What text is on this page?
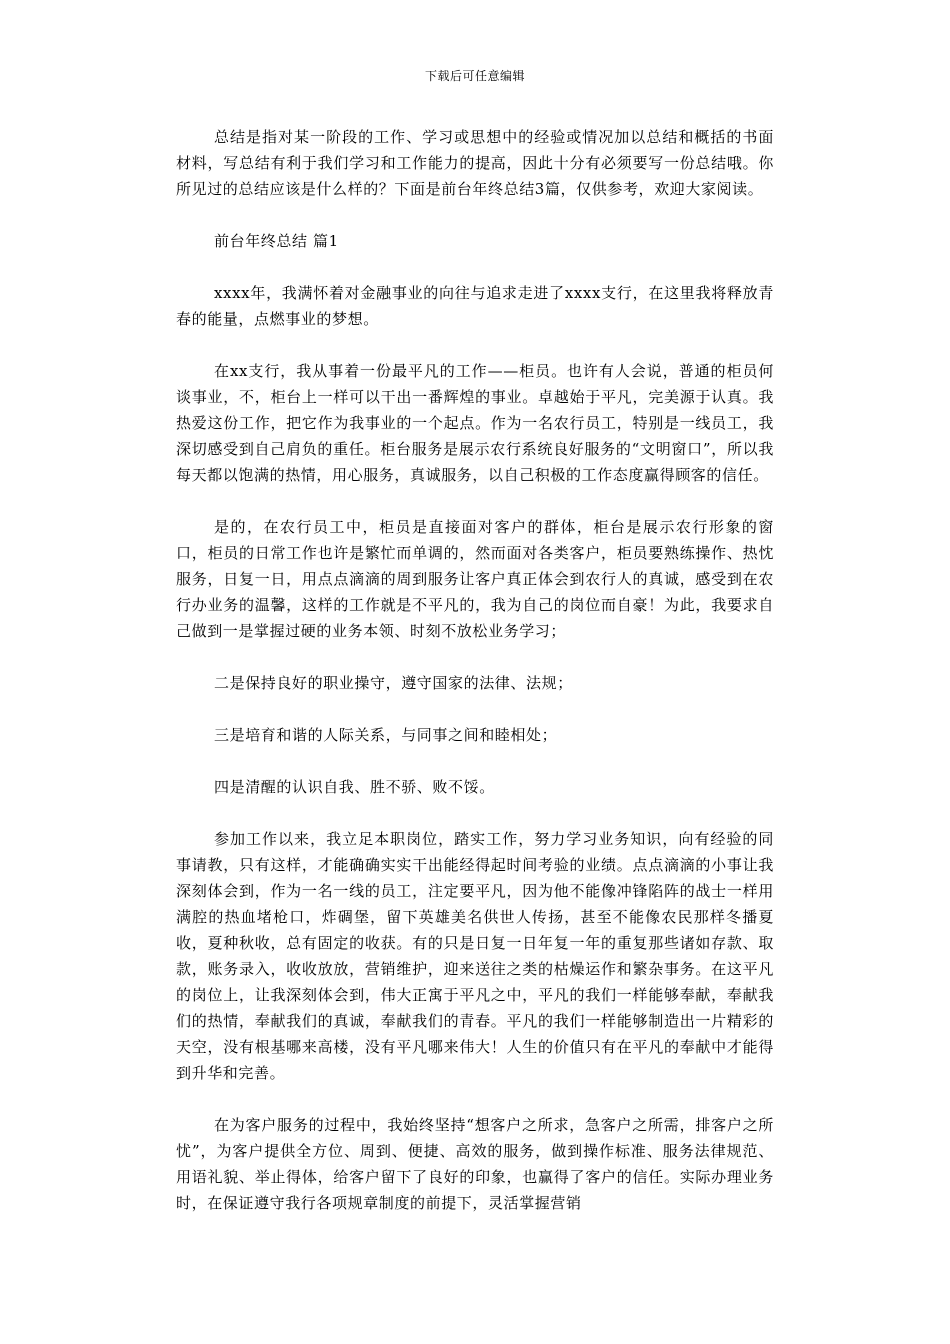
下载后可任意编辑

总结是指对某一阶段的工作、学习或思想中的经验或情况加以总结和概括的书面材料，写总结有利于我们学习和工作能力的提高，因此十分有必须要写一份总结哦。你所见过的总结应该是什么样的？下面是前台年终总结3篇，仅供参考，欢迎大家阅读。

前台年终总结 篇1

xxxx年，我满怀着对金融事业的向往与追求走进了xxxx支行，在这里我将释放青春的能量，点燃事业的梦想。

在xx支行，我从事着一份最平凡的工作——柜员。也许有人会说，普通的柜员何谈事业，不，柜台上一样可以干出一番辉煌的事业。卓越始于平凡，完美源于认真。我热爱这份工作，把它作为我事业的一个起点。作为一名农行员工，特别是一线员工，我深切感受到自己肩负的重任。柜台服务是展示农行系统良好服务的“文明窗口”，所以我每天都以饱满的热情，用心服务，真诚服务，以自己积极的工作态度赢得顾客的信任。

是的，在农行员工中，柜员是直接面对客户的群体，柜台是展示农行形象的窗口，柜员的日常工作也许是繁忙而单调的，然而面对各类客户，柜员要熟练操作、热忱服务，日复一日，用点点滴滴的周到服务让客户真正体会到农行人的真诚，感受到在农行办业务的温馨，这样的工作就是不平凡的，我为自己的岗位而自豪！为此，我要求自己做到一是掌握过硬的业务本领、时刻不放松业务学习；

二是保持良好的职业操守，遵守国家的法律、法规；

三是培育和谐的人际关系，与同事之间和睦相处；

四是清醒的认识自我、胜不骄、败不馁。

参加工作以来，我立足本职岗位，踏实工作，努力学习业务知识，向有经验的同事请教，只有这样，才能确确实实干出能经得起时间考验的业绩。点点滴滴的小事让我深刻体会到，作为一名一线的员工，注定要平凡，因为他不能像冲锋陷阵的战士一样用满腔的热血堵枪口，炸碉堡，留下英雄美名供世人传扬，甚至不能像农民那样冬播夏收，夏种秋收，总有固定的收获。有的只是日复一日年复一年的重复那些诸如存款、取款，账务录入，收收放放，营销维护，迎来送往之类的枯燥运作和繁杂事务。在这平凡的岗位上，让我深刻体会到，伟大正寓于平凡之中，平凡的我们一样能够奉献，奉献我们的热情，奉献我们的真诚，奉献我们的青春。平凡的我们一样能够制造出一片精彩的天空，没有根基哪来高楼，没有平凡哪来伟大！人生的价值只有在平凡的奉献中才能得到升华和完善。

在为客户服务的过程中，我始终坚持“想客户之所求，急客户之所需，排客户之所忧”，为客户提供全方位、周到、便捷、高效的服务，做到操作标准、服务法律规范、用语礼貌、举止得体，给客户留下了良好的印象，也赢得了客户的信任。实际办理业务时，在保证遵守我行各项规章制度的前提下，灵活掌握营销
